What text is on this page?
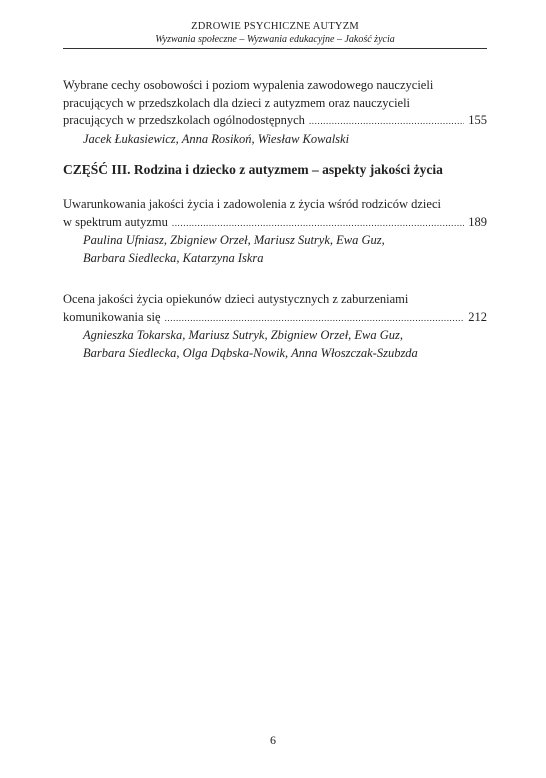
ZDROWIE PSYCHICZNE AUTYZM
Wyzwania społeczne – Wyzwania edukacyjne – Jakość życia
Wybrane cechy osobowości i poziom wypalenia zawodowego nauczycieli
pracujących w przedszkolach dla dzieci z autyzmem oraz nauczycieli
pracujących w przedszkolach ogólnodostępnych .....	155
Jacek Łukasiewicz, Anna Rosikoń, Wiesław Kowalski
CZĘŚĆ III. Rodzina i dziecko z autyzmem – aspekty jakości życia
Uwarunkowania jakości życia i zadowolenia z życia wśród rodziców dzieci
w spektrum autyzmu .....	189
Paulina Ufniasz, Zbigniew Orzeł, Mariusz Sutryk, Ewa Guz,
Barbara Siedlecka, Katarzyna Iskra
Ocena jakości życia opiekunów dzieci autystycznych z zaburzeniami
komunikowania się .....	212
Agnieszka Tokarska, Mariusz Sutryk, Zbigniew Orzeł, Ewa Guz,
Barbara Siedlecka, Olga Dąbska-Nowik, Anna Włoszczak-Szubzda
6
